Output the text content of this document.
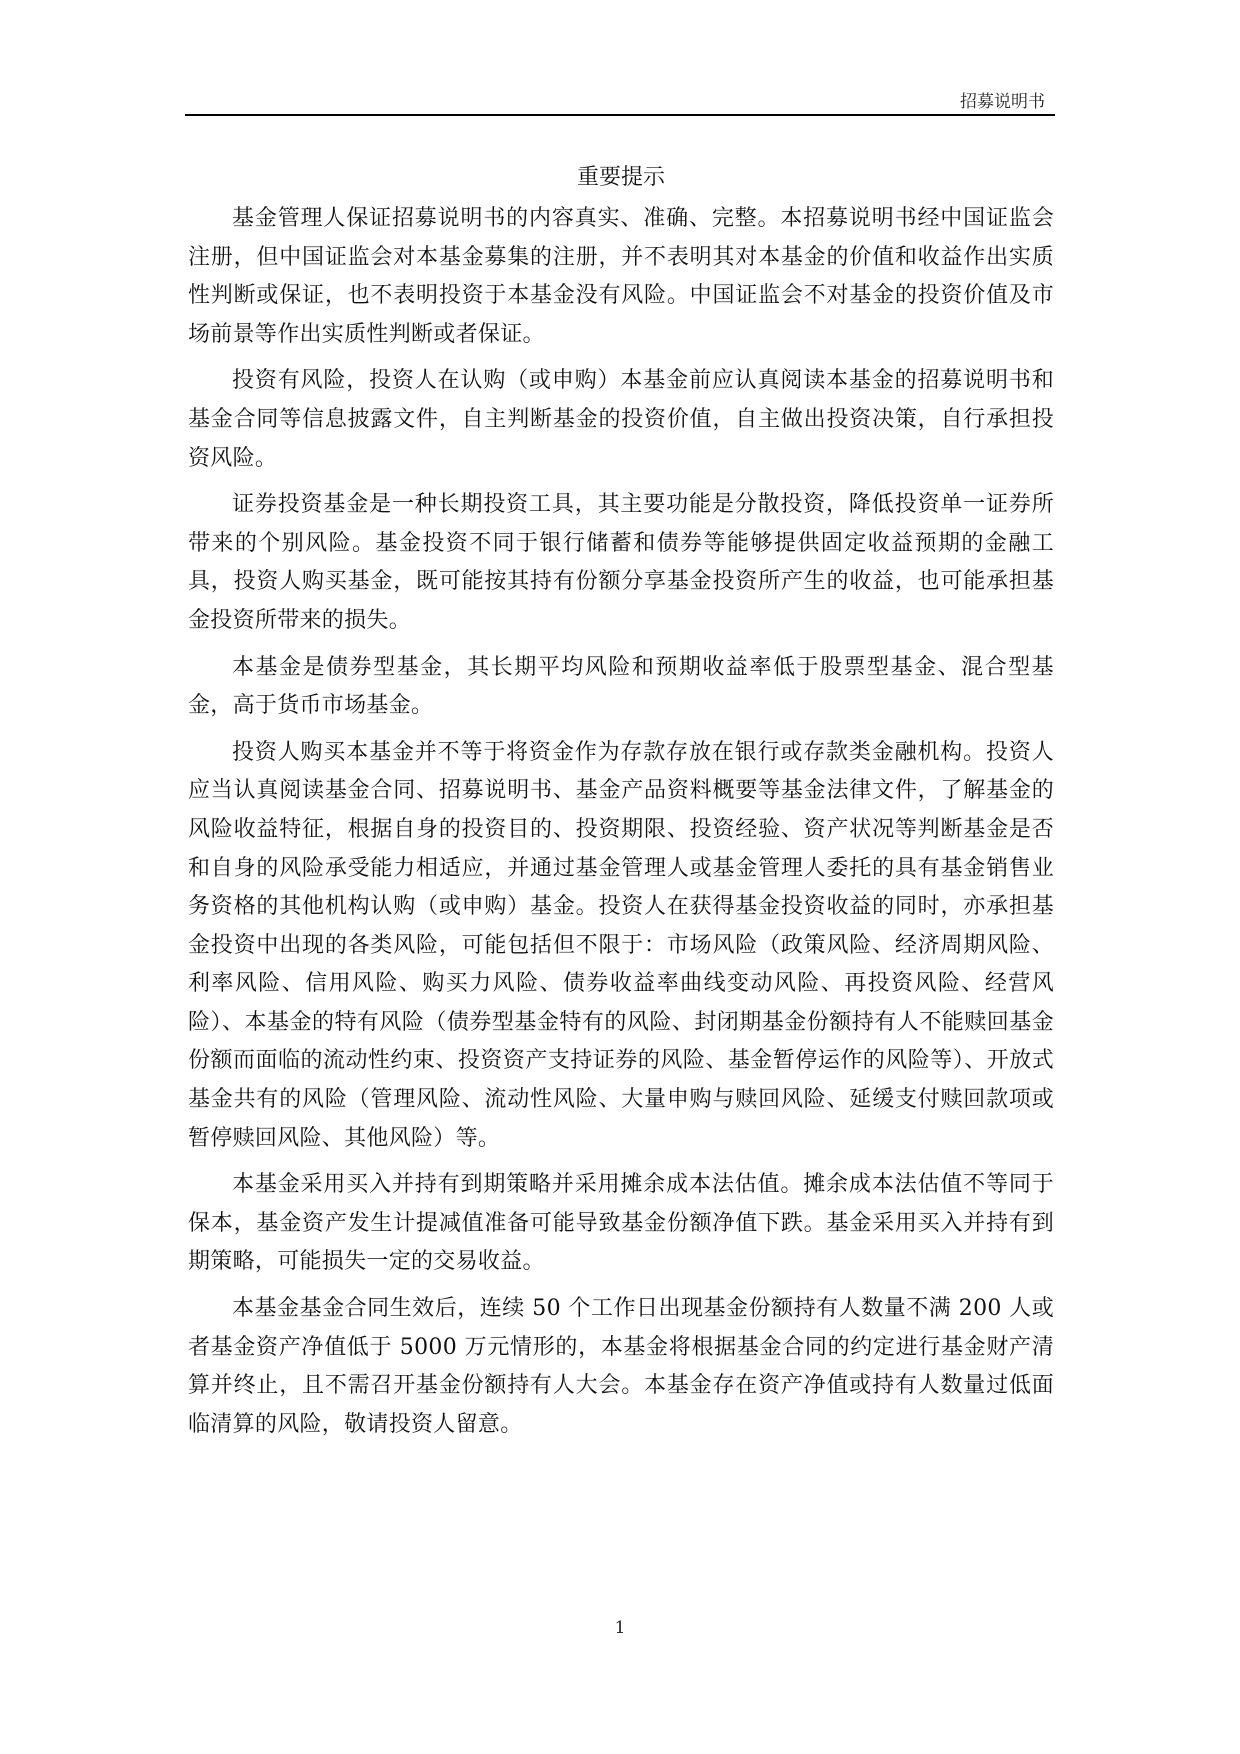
招募说明书
重要提示

基金管理人保证招募说明书的内容真实、准确、完整。本招募说明书经中国证监会注册，但中国证监会对本基金募集的注册，并不表明其对本基金的价值和收益作出实质性判断或保证，也不表明投资于本基金没有风险。中国证监会不对基金的投资价值及市场前景等作出实质性判断或者保证。

投资有风险，投资人在认购（或申购）本基金前应认真阅读本基金的招募说明书和基金合同等信息披露文件，自主判断基金的投资价值，自主做出投资决策，自行承担投资风险。

证券投资基金是一种长期投资工具，其主要功能是分散投资，降低投资单一证券所带来的个别风险。基金投资不同于银行储蓄和债券等能够提供固定收益预期的金融工具，投资人购买基金，既可能按其持有份额分享基金投资所产生的收益，也可能承担基金投资所带来的损失。

本基金是债券型基金，其长期平均风险和预期收益率低于股票型基金、混合型基金，高于货币市场基金。

投资人购买本基金并不等于将资金作为存款存放在银行或存款类金融机构。投资人应当认真阅读基金合同、招募说明书、基金产品资料概要等基金法律文件，了解基金的风险收益特征，根据自身的投资目的、投资期限、投资经验、资产状况等判断基金是否和自身的风险承受能力相适应，并通过基金管理人或基金管理人委托的具有基金销售业务资格的其他机构认购（或申购）基金。投资人在获得基金投资收益的同时，亦承担基金投资中出现的各类风险，可能包括但不限于：市场风险（政策风险、经济周期风险、利率风险、信用风险、购买力风险、债券收益率曲线变动风险、再投资风险、经营风险）、本基金的特有风险（债券型基金特有的风险、封闭期基金份额持有人不能赎回基金份额而面临的流动性约束、投资资产支持证券的风险、基金暂停运作的风险等）、开放式基金共有的风险（管理风险、流动性风险、大量申购与赎回风险、延缓支付赎回款项或暂停赎回风险、其他风险）等。

本基金采用买入并持有到期策略并采用摊余成本法估值。摊余成本法估值不等同于保本，基金资产发生计提减值准备可能导致基金份额净值下跌。基金采用买入并持有到期策略，可能损失一定的交易收益。

本基金基金合同生效后，连续 50 个工作日出现基金份额持有人数量不满 200 人或者基金资产净值低于 5000 万元情形的，本基金将根据基金合同的约定进行基金财产清算并终止，且不需召开基金份额持有人大会。本基金存在资产净值或持有人数量过低面临清算的风险，敬请投资人留意。

1
